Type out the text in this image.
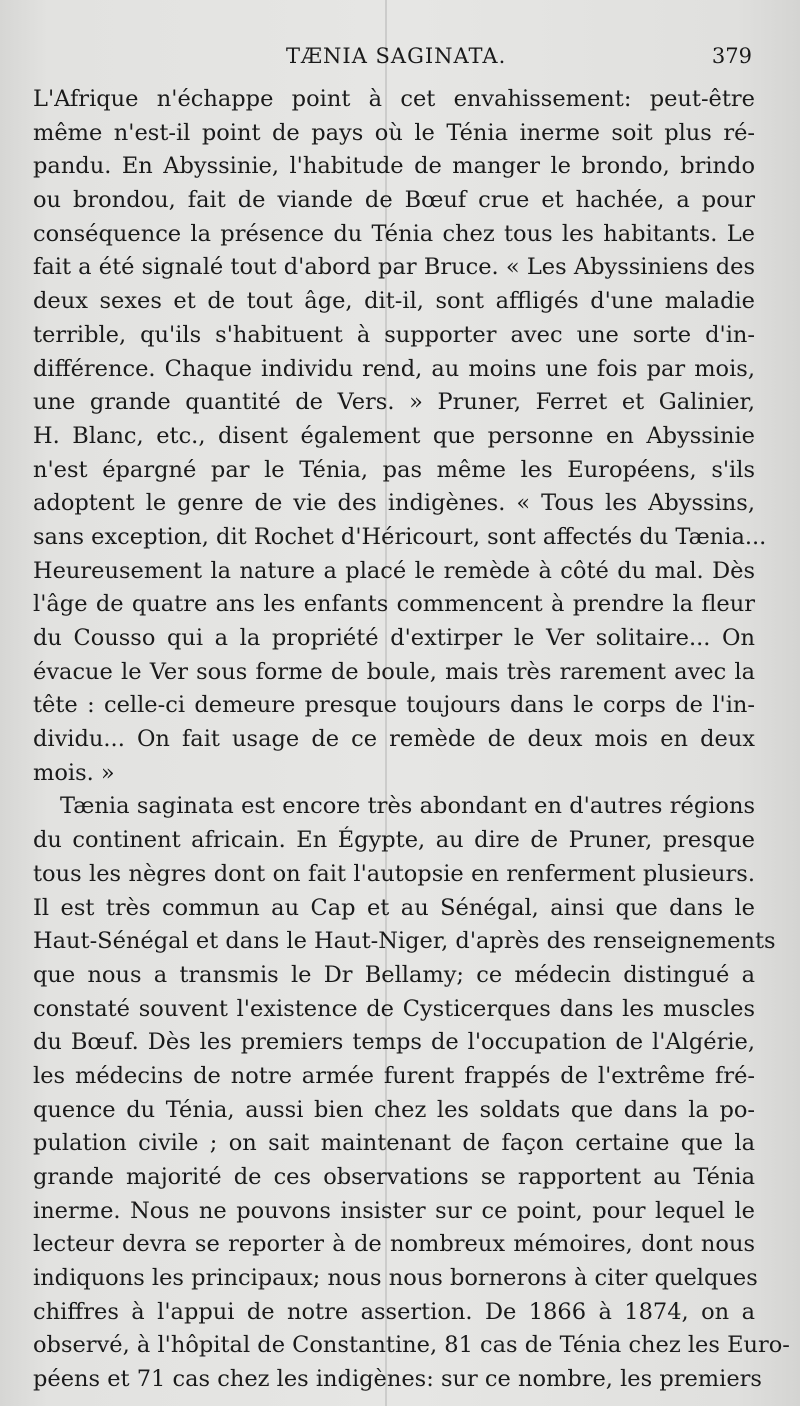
TÆNIA SAGINATA.	379
L'Afrique n'échappe point à cet envahissement: peut-être
même n'est-il point de pays où le Ténia inerme soit plus ré-
pandu. En Abyssinie, l'habitude de manger le brondo, brindo
ou brondou, fait de viande de Bœuf crue et hachée, a pour
conséquence la présence du Ténia chez tous les habitants. Le
fait a été signalé tout d'abord par Bruce. « Les Abyssiniens des
deux sexes et de tout âge, dit-il, sont affligés d'une maladie
terrible, qu'ils s'habituent à supporter avec une sorte d'in-
différence. Chaque individu rend, au moins une fois par mois,
une grande quantité de Vers. » Pruner, Ferret et Galinier,
H. Blanc, etc., disent également que personne en Abyssinie
n'est épargné par le Ténia, pas même les Européens, s'ils
adoptent le genre de vie des indigènes. « Tous les Abyssins,
sans exception, dit Rochet d'Héricourt, sont affectés du Tænia...
Heureusement la nature a placé le remède à côté du mal. Dès
l'âge de quatre ans les enfants commencent à prendre la fleur
du Cousso qui a la propriété d'extirper le Ver solitaire... On
évacue le Ver sous forme de boule, mais très rarement avec la
tête : celle-ci demeure presque toujours dans le corps de l'in-
dividu... On fait usage de ce remède de deux mois en deux
mois. »
Tænia saginata est encore très abondant en d'autres régions
du continent africain. En Égypte, au dire de Pruner, presque
tous les nègres dont on fait l'autopsie en renferment plusieurs.
Il est très commun au Cap et au Sénégal, ainsi que dans le
Haut-Sénégal et dans le Haut-Niger, d'après des renseignements
que nous a transmis le Dr Bellamy; ce médecin distingué a
constaté souvent l'existence de Cysticerques dans les muscles
du Bœuf. Dès les premiers temps de l'occupation de l'Algérie,
les médecins de notre armée furent frappés de l'extrême fré-
quence du Ténia, aussi bien chez les soldats que dans la po-
pulation civile ; on sait maintenant de façon certaine que la
grande majorité de ces observations se rapportent au Ténia
inerme. Nous ne pouvons insister sur ce point, pour lequel le
lecteur devra se reporter à de nombreux mémoires, dont nous
indiquons les principaux; nous nous bornerons à citer quelques
chiffres à l'appui de notre assertion. De 1866 à 1874, on a
observé, à l'hôpital de Constantine, 81 cas de Ténia chez les Euro-
péens et 71 cas chez les indigènes: sur ce nombre, les premiers
